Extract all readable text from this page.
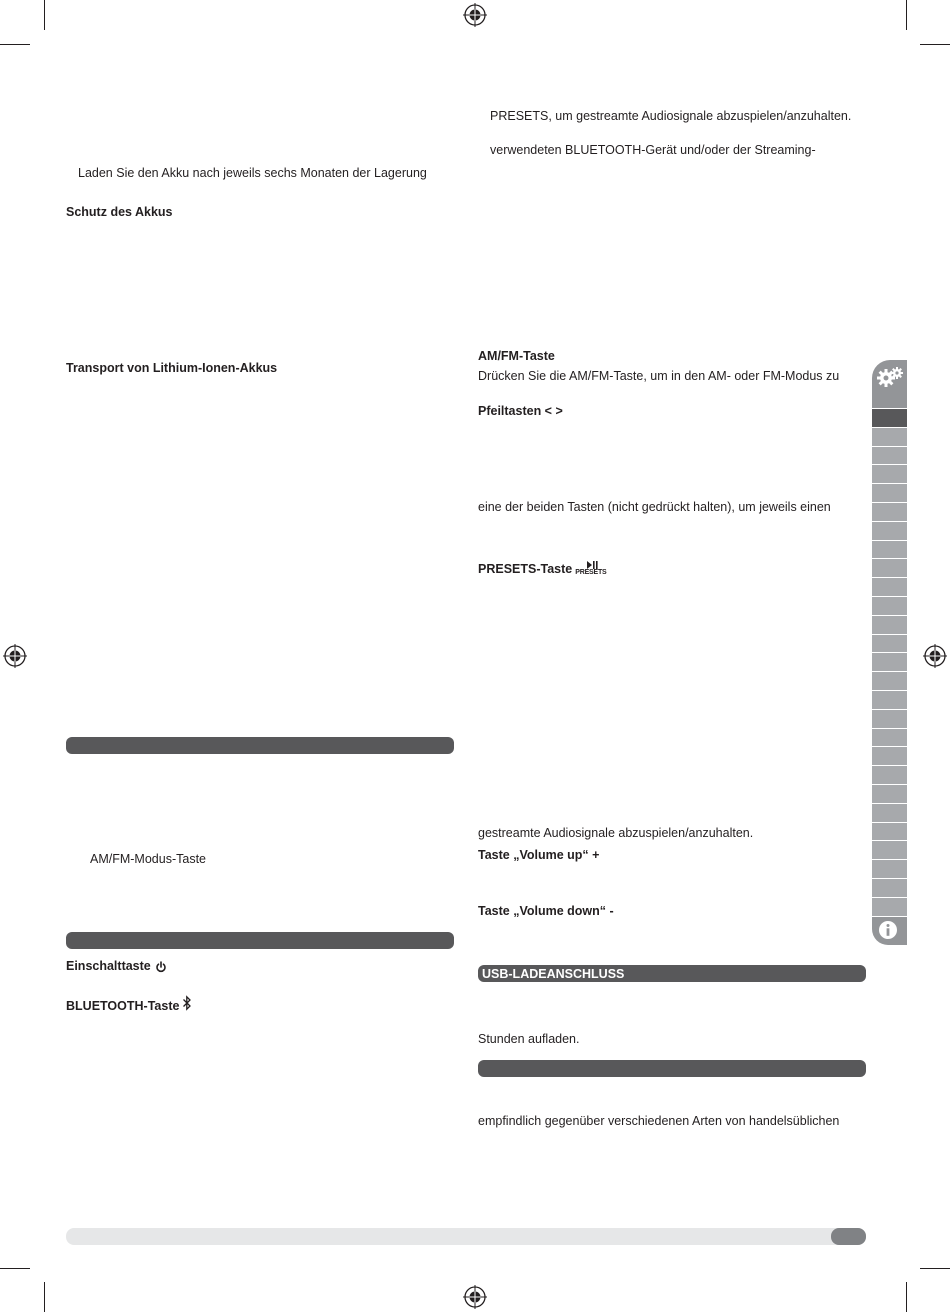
Laden Sie den Akku nach jeweils sechs Monaten der Lagerung
Schutz des Akkus
Transport von Lithium-Ionen-Akkus
AM/FM-Modus-Taste
Einschalttaste
BLUETOOTH-Taste
PRESETS, um gestreamte Audiosignale abzuspielen/anzuhalten.
verwendeten BLUETOOTH-Gerät und/oder der Streaming-
AM/FM-Taste
Drücken Sie die AM/FM-Taste, um in den AM- oder FM-Modus zu
Pfeiltasten < >
eine der beiden Tasten (nicht gedrückt halten), um jeweils einen
PRESETS-Taste PRESETS
gestreamte Audiosignale abzuspielen/anzuhalten.
Taste „Volume up“ +
Taste „Volume down“ -
USB-LADEANSCHLUSS
Stunden aufladen.
empfindlich gegenüber verschiedenen Arten von handelsüblichen
